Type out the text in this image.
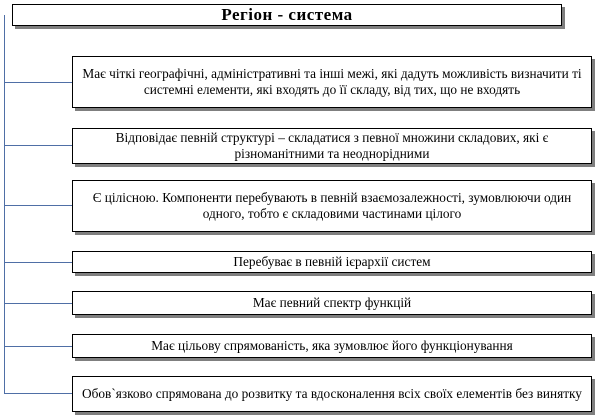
Регіон - система
Має чіткі географічні, адміністративні та інші межі, які дадуть можливість визначити ті системні елементи, які входять до її складу, від тих, що не входять
Відповідає певній структурі – складатися з певної множини складових, які є різноманітними та неоднорідними
Є цілісною. Компоненти перебувають в певній взаємозалежності, зумовлюючи один одного, тобто є складовими частинами цілого
Перебуває в певній ієрархії систем
Має певний спектр функцій
Має цільову спрямованість, яка зумовлює його функціонування
Обов`язково спрямована до розвитку та вдосконалення всіх своїх елементів без винятку
